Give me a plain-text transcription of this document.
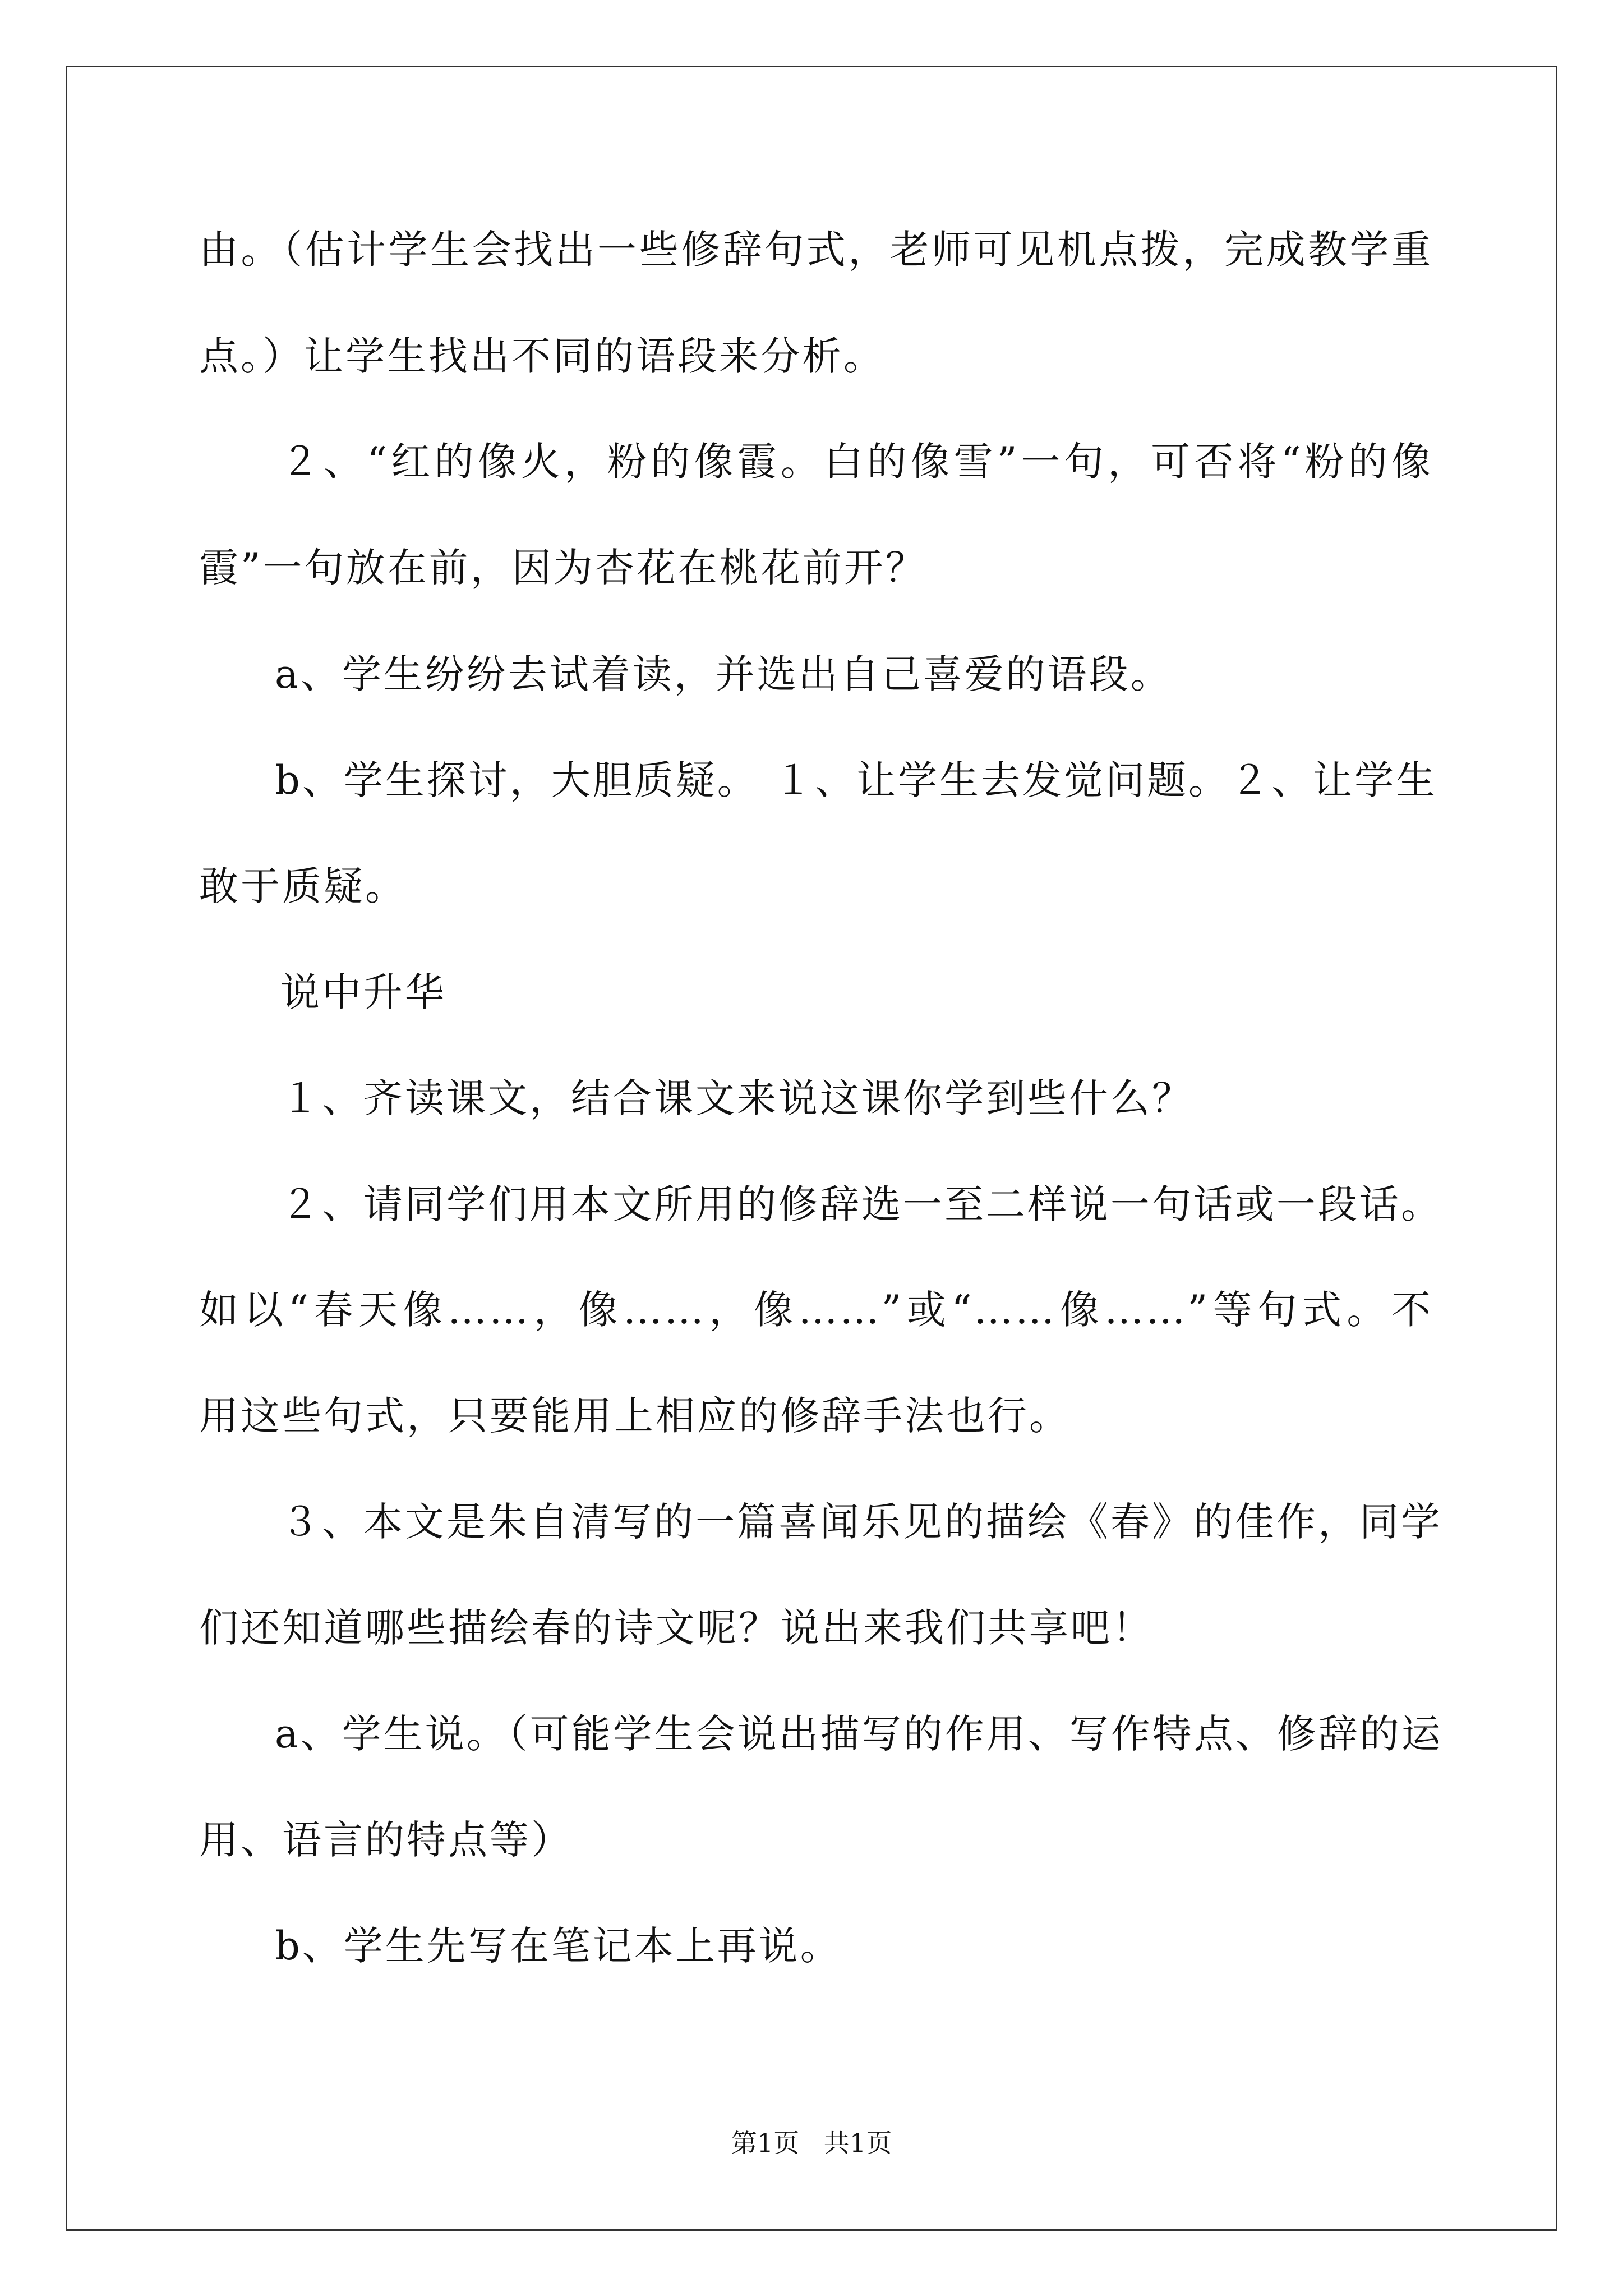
由。（估计学生会找出一些修辞句式，老师可见机点拨，完成教学重
点。）让学生找出不同的语段来分析。
２、“红的像火，粉的像霞。白的像雪”一句，可否将“粉的像
霞”一句放在前，因为杏花在桃花前开？
a、学生纷纷去试着读，并选出自己喜爱的语段。
b、学生探讨，大胆质疑。 １、让学生去发觉问题。２、让学生
敢于质疑。
说中升华
１、齐读课文，结合课文来说这课你学到些什么？
２、请同学们用本文所用的修辞选一至二样说一句话或一段话。
如以“春天像……，像……，像……”或“……像……”等句式。不
用这些句式，只要能用上相应的修辞手法也行。
３、本文是朱自清写的一篇喜闻乐见的描绘《春》的佳作，同学
们还知道哪些描绘春的诗文呢？说出来我们共享吧！
a、学生说。（可能学生会说出描写的作用、写作特点、修辞的运
用、语言的特点等）
b、学生先写在笔记本上再说。
第1页   共1页
